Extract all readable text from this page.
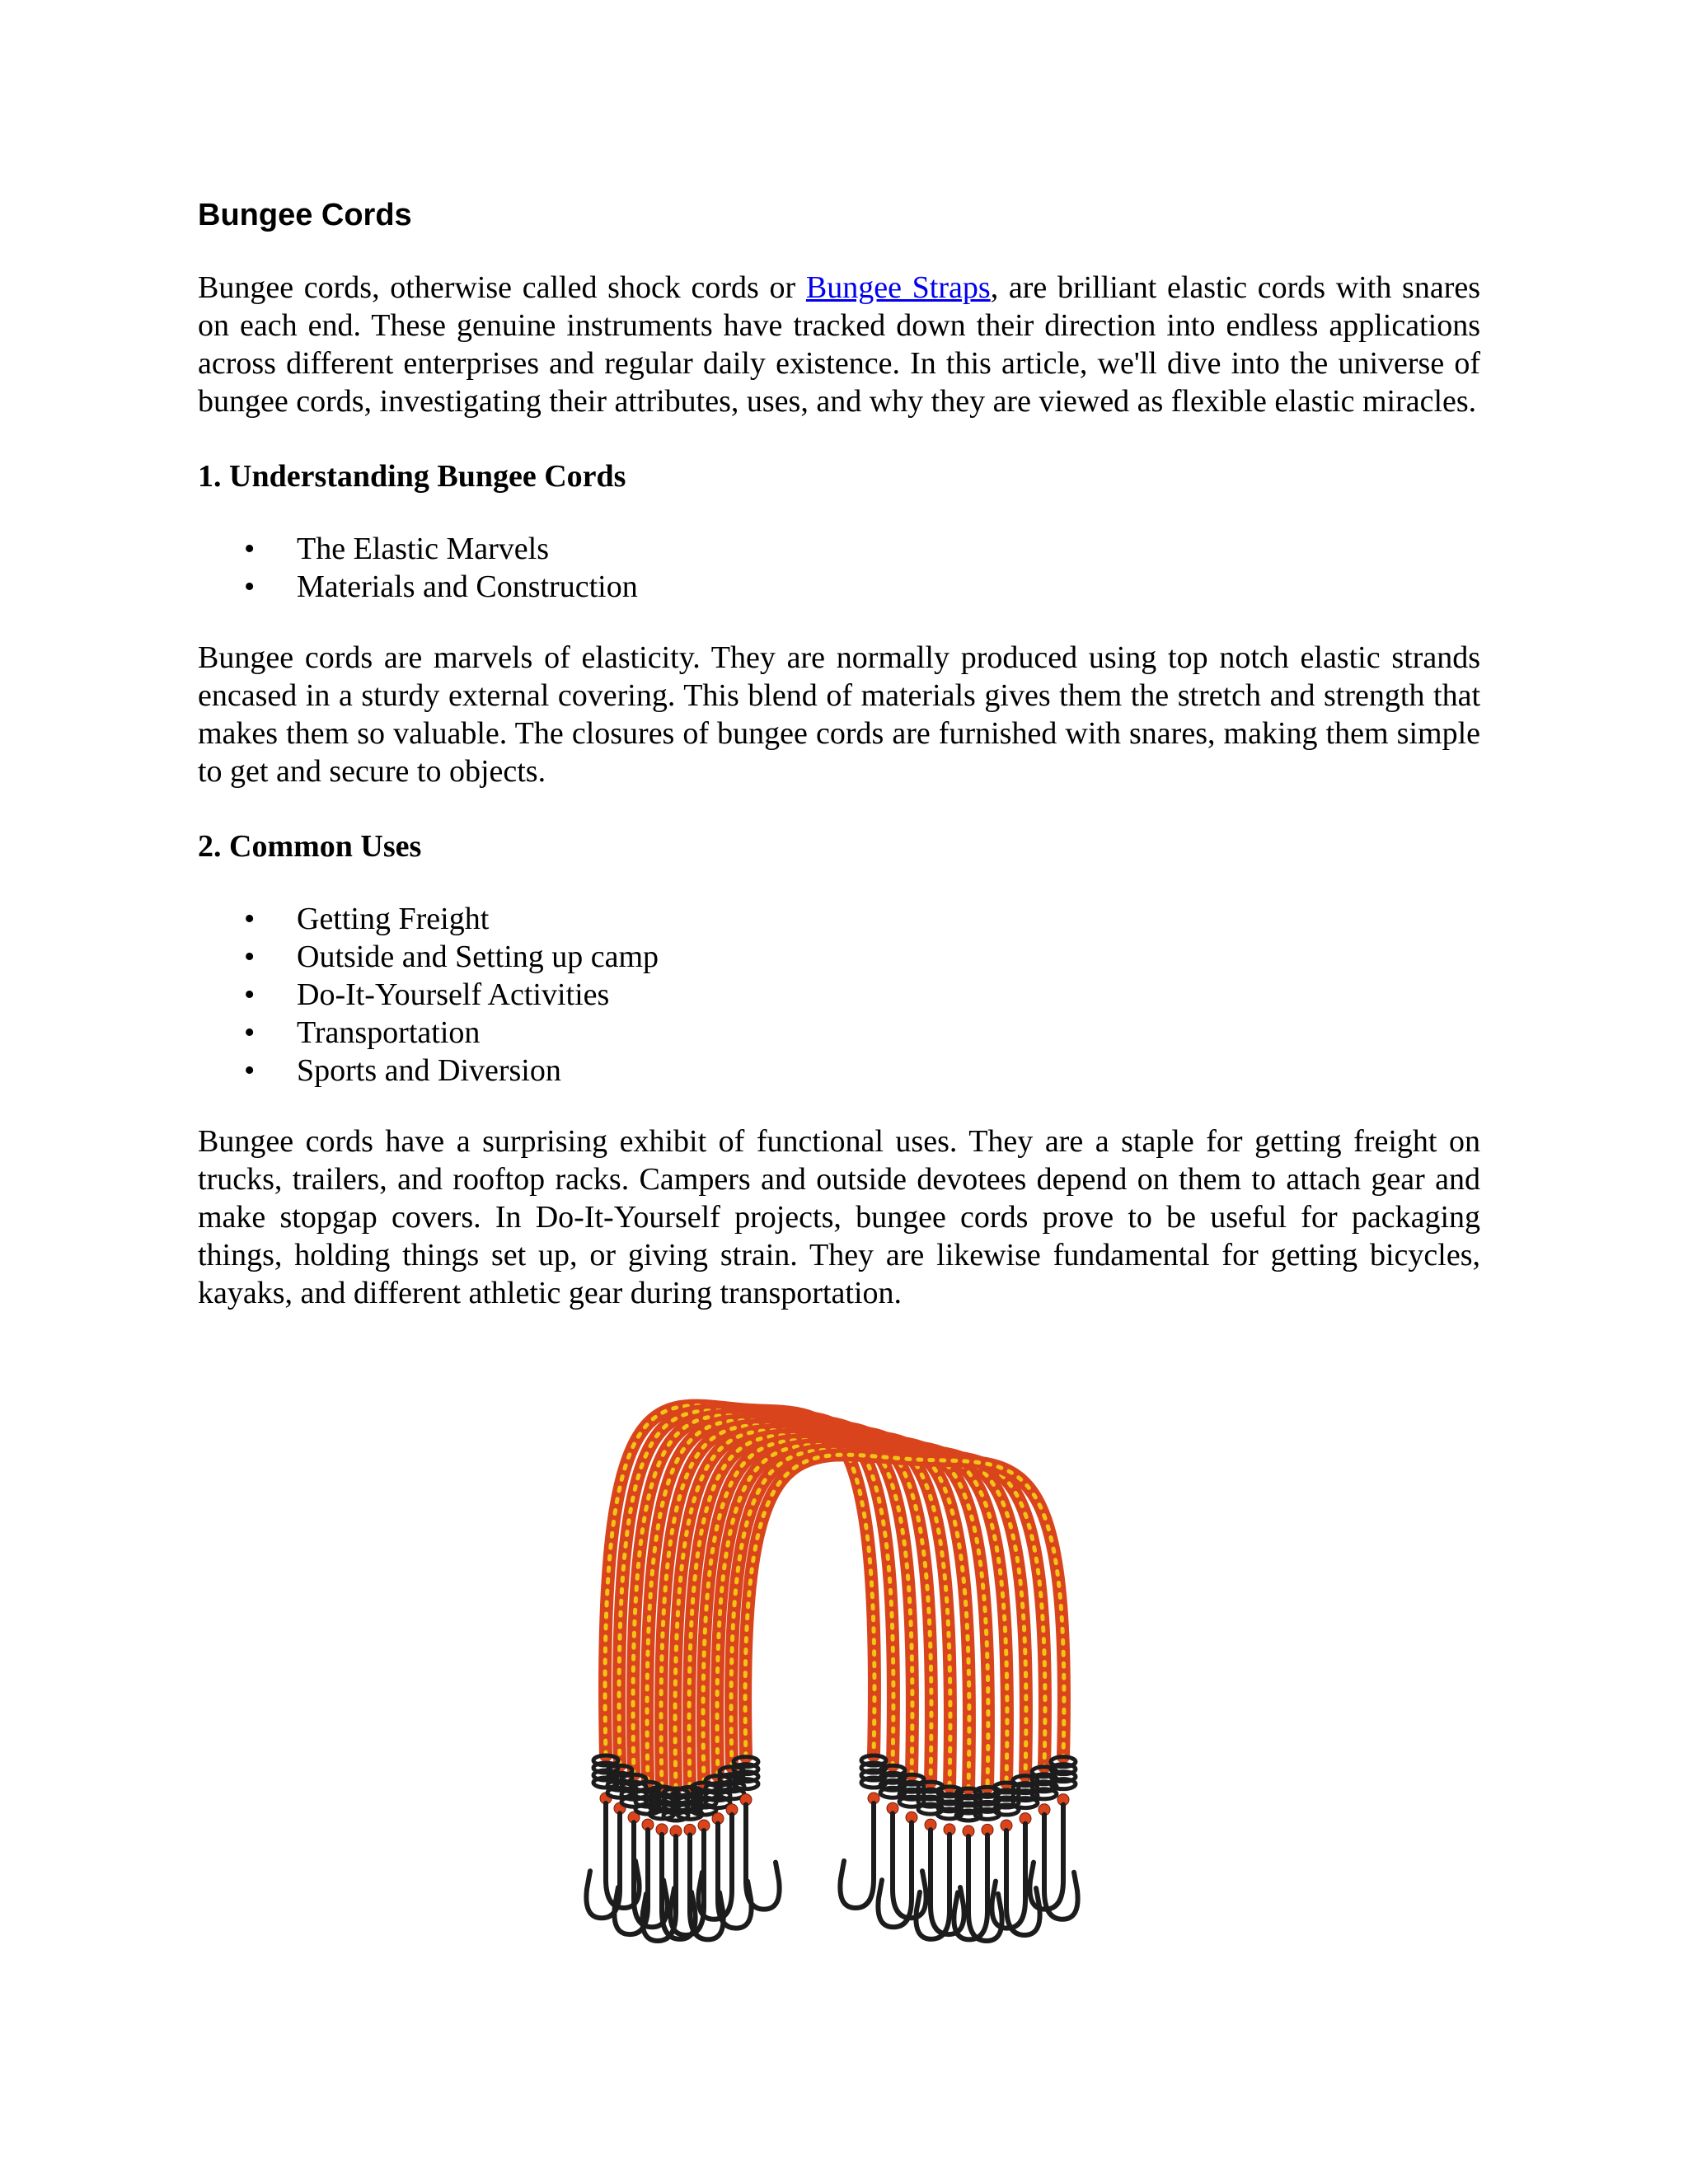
Bungee Cords

Bungee cords, otherwise called shock cords or Bungee Straps, are brilliant elastic cords with snares on each end. These genuine instruments have tracked down their direction into endless applications across different enterprises and regular daily existence. In this article, we'll dive into the universe of bungee cords, investigating their attributes, uses, and why they are viewed as flexible elastic miracles.

1. Understanding Bungee Cords
• The Elastic Marvels
• Materials and Construction

Bungee cords are marvels of elasticity. They are normally produced using top notch elastic strands encased in a sturdy external covering. This blend of materials gives them the stretch and strength that makes them so valuable. The closures of bungee cords are furnished with snares, making them simple to get and secure to objects.

2. Common Uses
• Getting Freight
• Outside and Setting up camp
• Do-It-Yourself Activities
• Transportation
• Sports and Diversion

Bungee cords have a surprising exhibit of functional uses. They are a staple for getting freight on trucks, trailers, and rooftop racks. Campers and outside devotees depend on them to attach gear and make stopgap covers. In Do-It-Yourself projects, bungee cords prove to be useful for packaging things, holding things set up, or giving strain. They are likewise fundamental for getting bicycles, kayaks, and different athletic gear during transportation.
